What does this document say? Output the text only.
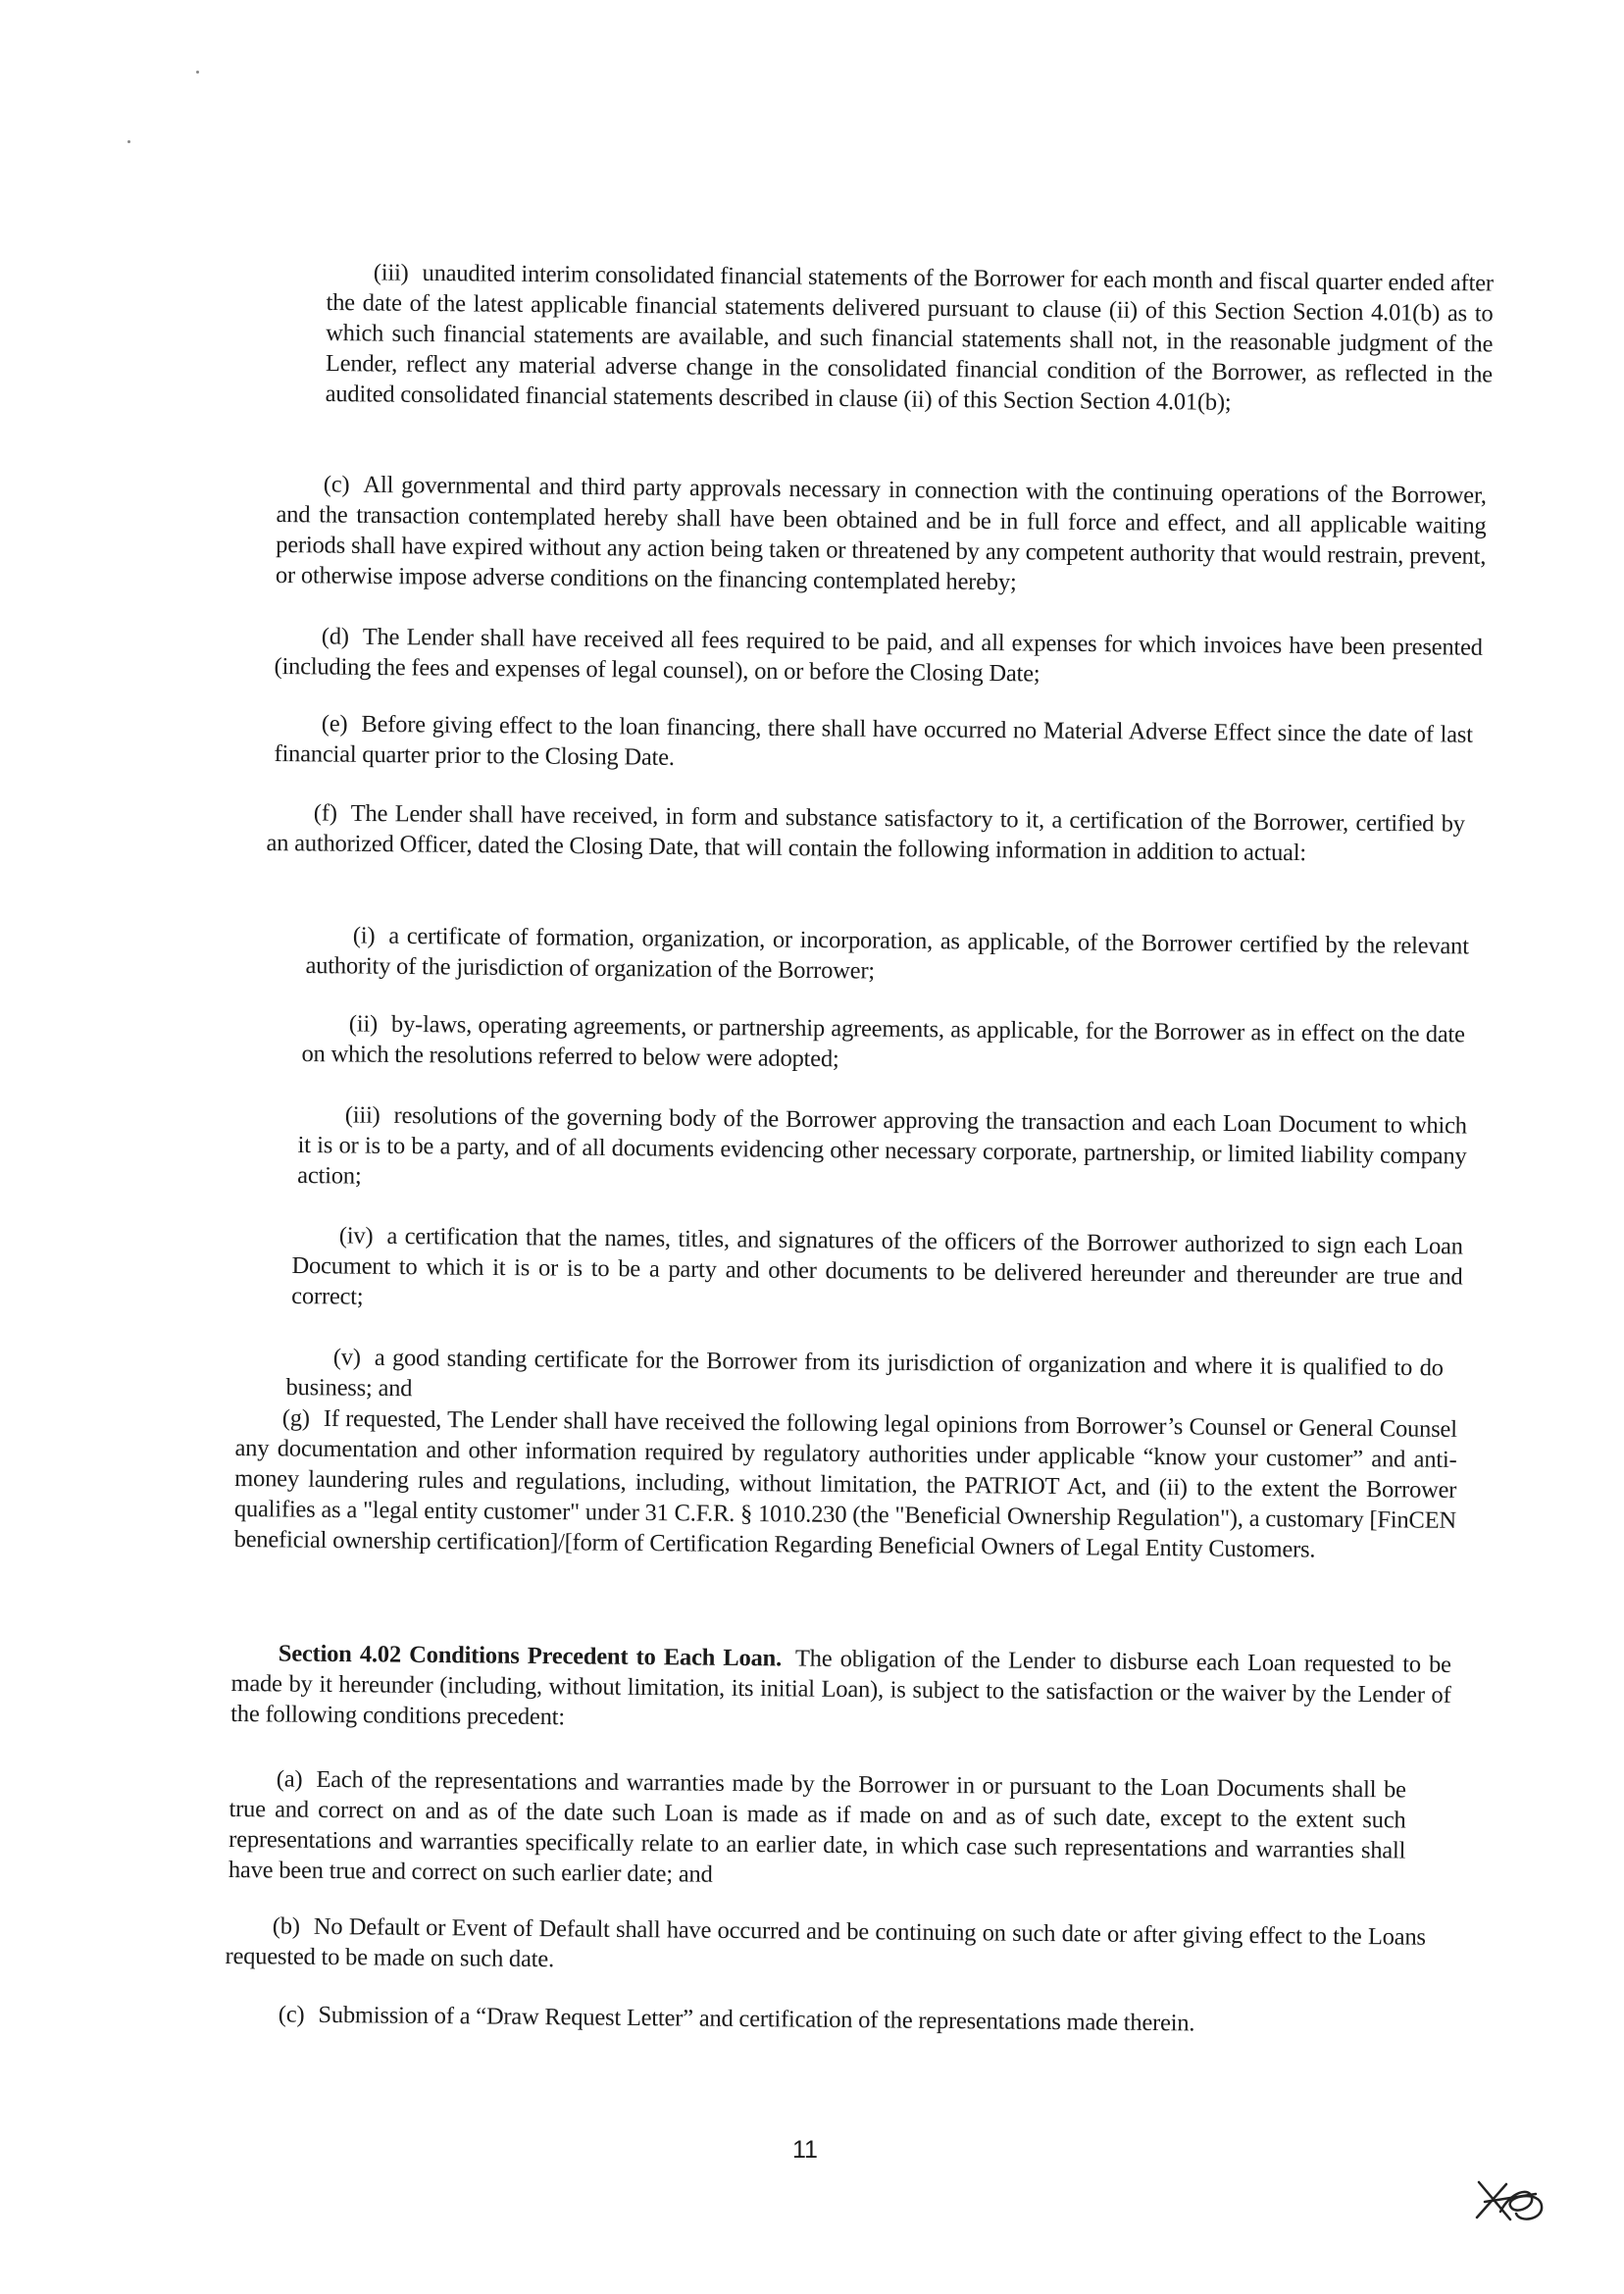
(iii) unaudited interim consolidated financial statements of the Borrower for each month and fiscal quarter ended after the date of the latest applicable financial statements delivered pursuant to clause (ii) of this Section Section 4.01(b) as to which such financial statements are available, and such financial statements shall not, in the reasonable judgment of the Lender, reflect any material adverse change in the consolidated financial condition of the Borrower, as reflected in the audited consolidated financial statements described in clause (ii) of this Section Section 4.01(b);
(c) All governmental and third party approvals necessary in connection with the continuing operations of the Borrower, and the transaction contemplated hereby shall have been obtained and be in full force and effect, and all applicable waiting periods shall have expired without any action being taken or threatened by any competent authority that would restrain, prevent, or otherwise impose adverse conditions on the financing contemplated hereby;
(d) The Lender shall have received all fees required to be paid, and all expenses for which invoices have been presented (including the fees and expenses of legal counsel), on or before the Closing Date;
(e) Before giving effect to the loan financing, there shall have occurred no Material Adverse Effect since the date of last financial quarter prior to the Closing Date.
(f) The Lender shall have received, in form and substance satisfactory to it, a certification of the Borrower, certified by an authorized Officer, dated the Closing Date, that will contain the following information in addition to actual:
(i) a certificate of formation, organization, or incorporation, as applicable, of the Borrower certified by the relevant authority of the jurisdiction of organization of the Borrower;
(ii) by-laws, operating agreements, or partnership agreements, as applicable, for the Borrower as in effect on the date on which the resolutions referred to below were adopted;
(iii) resolutions of the governing body of the Borrower approving the transaction and each Loan Document to which it is or is to be a party, and of all documents evidencing other necessary corporate, partnership, or limited liability company action;
(iv) a certification that the names, titles, and signatures of the officers of the Borrower authorized to sign each Loan Document to which it is or is to be a party and other documents to be delivered hereunder and thereunder are true and correct;
(v) a good standing certificate for the Borrower from its jurisdiction of organization and where it is qualified to do business; and
(g) If requested, The Lender shall have received the following legal opinions from Borrower’s Counsel or General Counsel any documentation and other information required by regulatory authorities under applicable “know your customer” and anti-money laundering rules and regulations, including, without limitation, the PATRIOT Act, and (ii) to the extent the Borrower qualifies as a "legal entity customer" under 31 C.F.R. § 1010.230 (the "Beneficial Ownership Regulation"), a customary [FinCEN beneficial ownership certification]/[form of Certification Regarding Beneficial Owners of Legal Entity Customers.
Section 4.02 Conditions Precedent to Each Loan. The obligation of the Lender to disburse each Loan requested to be made by it hereunder (including, without limitation, its initial Loan), is subject to the satisfaction or the waiver by the Lender of the following conditions precedent:
(a) Each of the representations and warranties made by the Borrower in or pursuant to the Loan Documents shall be true and correct on and as of the date such Loan is made as if made on and as of such date, except to the extent such representations and warranties specifically relate to an earlier date, in which case such representations and warranties shall have been true and correct on such earlier date; and
(b) No Default or Event of Default shall have occurred and be continuing on such date or after giving effect to the Loans requested to be made on such date.
(c) Submission of a “Draw Request Letter” and certification of the representations made therein.
11
